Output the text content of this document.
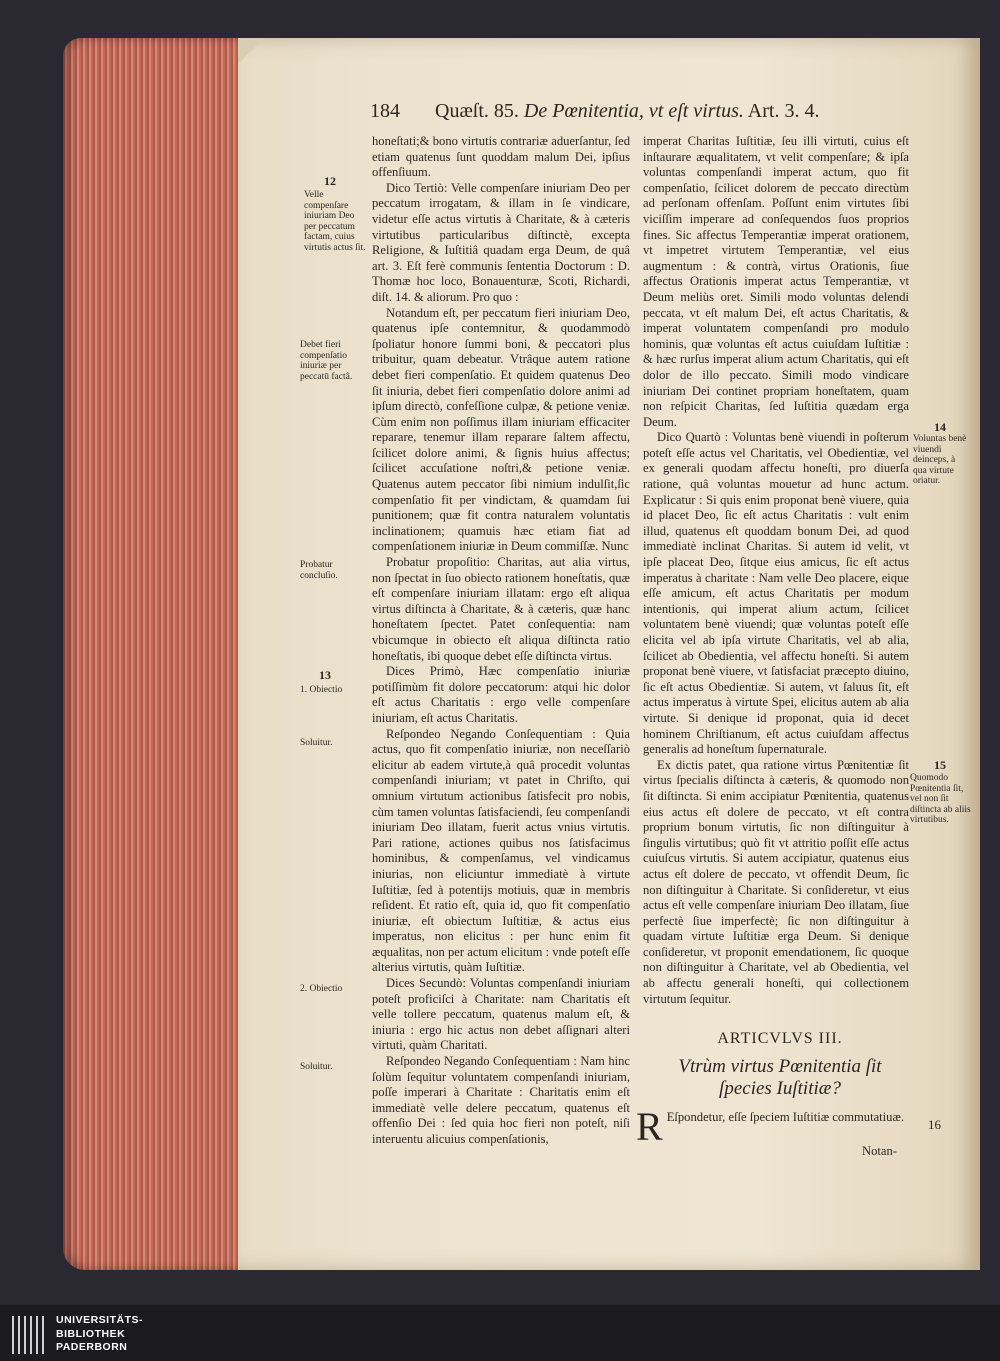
184 Quæſt. 85. De Pœnitentia, vt eſt virtus. Art. 3. 4.

honeſtati;& bono virtutis contrariæ aduerſantur, ſed etiam quatenus ſunt quoddam malum Dei, ipſius offenſiuum.

Dico Tertiò: Velle compenſare iniuriam Deo per peccatum irrogatam, & illam in ſe vindicare, videtur eſſe actus virtutis à Charitate, & à cæteris virtutibus particularibus diſtinctè, excepta Religione, & Iuſtitiâ quadam erga Deum, de quâ art. 3. Eſt ferè communis ſententia Doctorum : D. Thomæ hoc loco, Bonauenturæ, Scoti, Richardi, diſt. 14. & aliorum. Pro quo :

Notandum eſt, per peccatum fieri iniuriam Deo, quatenus ipſe contemnitur, & quodammodò ſpoliatur honore ſummi boni, & peccatori plus tribuitur, quam debeatur. Vtrâque autem ratione debet fieri compenſatio. Et quidem quatenus Deo ſit iniuria, debet fieri compenſatio dolore animi ad ipſum directò, confeſſione culpæ, & petione veniæ. Cùm enim non poſſimus illam iniuriam efficaciter reparare, tenemur illam reparare ſaltem affectu, ſcilicet dolore animi, & ſignis huius affectus; ſcilicet accuſatione noſtri,& petione veniæ. Quatenus autem peccator ſibi nimium indulſit,ſic compenſatio fit per vindictam, & quamdam ſui punitionem; quæ fit contra naturalem voluntatis inclinationem; quamuis hæc etiam fiat ad compenſationem iniuriæ in Deum commiſſæ. Nunc

Probatur propoſitio: Charitas, aut alia virtus, non ſpectat in ſuo obiecto rationem honeſtatis, quæ eſt compenſare iniuriam illatam: ergo eſt aliqua virtus diſtincta à Charitate, & à cæteris, quæ hanc honeſtatem ſpectet. Patet conſequentia: nam vbicumque in obiecto eſt aliqua diſtincta ratio honeſtatis, ibi quoque debet eſſe diſtincta virtus.

Dices Primò, Hæc compenſatio iniuriæ potiſſimùm fit dolore peccatorum: atqui hic dolor eſt actus Charitatis : ergo velle compenſare iniuriam, eſt actus Charitatis.

Reſpondeo Negando Conſequentiam : Quia actus, quo fit compenſatio iniuriæ, non neceſſariò elicitur ab eadem virtute,à quâ procedit voluntas compenſandi iniuriam; vt patet in Chriſto, qui omnium virtutum actionibus ſatisfecit pro nobis, cùm tamen voluntas ſatisfaciendi, ſeu compenſandi iniuriam Deo illatam, fuerit actus vnius virtutis. Pari ratione, actiones quibus nos ſatisfacimus hominibus, & compenſamus, vel vindicamus iniurias, non eliciuntur immediatè à virtute Iuſtitiæ, ſed à potentijs motiuis, quæ in membris reſident. Et ratio eſt, quia id, quo fit compenſatio iniuriæ, eſt obiectum Iuſtitiæ, & actus eius imperatus, non elicitus : per hunc enim fit æqualitas, non per actum elicitum : vnde poteſt eſſe alterius virtutis, quàm Iuſtitiæ.

Dices Secundò: Voluntas compenſandi iniuriam poteſt proficiſci à Charitate: nam Charitatis eſt velle tollere peccatum, quatenus malum eſt, & iniuria : ergo hic actus non debet aſſignari alteri virtuti, quàm Charitati.

Reſpondeo Negando Conſequentiam : Nam hinc ſolùm ſequitur voluntatem compenſandi iniuriam, poſſe imperari à Charitate : Charitatis enim eſt immediatè velle delere peccatum, quatenus eſt offenſio Dei : ſed quia hoc fieri non poteſt, niſi interuentu alicuius compenſationis,

imperat Charitas Iuſtitiæ, ſeu illi virtuti, cuius eſt inſtaurare æqualitatem, vt velit compenſare; & ipſa voluntas compenſandi imperat actum, quo fit compenſatio, ſcilicet dolorem de peccato directùm ad perſonam offenſam. Poſſunt enim virtutes ſibi viciſſim imperare ad conſequendos ſuos proprios fines. Sic affectus Temperantiæ imperat orationem, vt impetret virtutem Temperantiæ, vel eius augmentum : & contrà, virtus Orationis, ſiue affectus Orationis imperat actus Temperantiæ, vt Deum meliùs oret. Simili modo voluntas delendi peccata, vt eſt malum Dei, eſt actus Charitatis, & imperat voluntatem compenſandi pro modulo hominis, quæ voluntas eſt actus cuiuſdam Iuſtitiæ : & hæc rurſus imperat alium actum Charitatis, qui eſt dolor de illo peccato. Simili modo vindicare iniuriam Dei continet propriam honeſtatem, quam non reſpicit Charitas, ſed Iuſtitia quædam erga Deum.

Dico Quartò : Voluntas benè viuendi in poſterum poteſt eſſe actus vel Charitatis, vel Obedientiæ, vel ex generali quodam affectu honeſti, pro diuerſa ratione, quâ voluntas mouetur ad hunc actum. Explicatur : Si quis enim proponat benè viuere, quia id placet Deo, ſic eſt actus Charitatis : vult enim illud, quatenus eſt quoddam bonum Dei, ad quod immediatè inclinat Charitas. Si autem id velit, vt ipſe placeat Deo, ſitque eius amicus, ſic eſt actus imperatus à charitate : Nam velle Deo placere, eique eſſe amicum, eſt actus Charitatis per modum intentionis, qui imperat alium actum, ſcilicet voluntatem benè viuendi; quæ voluntas poteſt eſſe elicita vel ab ipſa virtute Charitatis, vel ab alia, ſcilicet ab Obedientia, vel affectu honeſti. Si autem proponat benè viuere, vt ſatisfaciat præcepto diuino, ſic eſt actus Obedientiæ. Si autem, vt ſaluus ſit, eſt actus imperatus à virtute Spei, elicitus autem ab alia virtute. Si denique id proponat, quia id decet hominem Chriſtianum, eſt actus cuiuſdam affectus generalis ad honeſtum ſupernaturale.

Ex dictis patet, qua ratione virtus Pœnitentiæ ſit virtus ſpecialis diſtincta à cæteris, & quomodo non ſit diſtincta. Si enim accipiatur Pœnitentia, quatenus eius actus eſt dolere de peccato, vt eſt contra proprium bonum virtutis, ſic non diſtinguitur à ſingulis virtutibus; quò fit vt attritio poſſit eſſe actus cuiuſcus virtutis. Si autem accipiatur, quatenus eius actus eſt dolere de peccato, vt offendit Deum, ſic non diſtinguitur à Charitate. Si conſideretur, vt eius actus eſt velle compenſare iniuriam Deo illatam, ſiue perfectè ſiue imperfectè; ſic non diſtinguitur à quadam virtute Iuſtitiæ erga Deum. Si denique conſideretur, vt proponit emendationem, ſic quoque non diſtinguitur à Charitate, vel ab Obedientia, vel ab affectu generali honeſti, qui collectionem virtutum ſequitur.

12
Velle compenſare iniuriam Deo per peccatum factam, cuius virtutis actus ſit.
Debet fieri compenſatio iniuriæ per peccatū factâ.
Probatur concluſio.
13
1. Obiectio
Soluitur.
2. Obiectio
Soluitur.
14
Voluntas benè viuendi deinceps, à qua virtute oriatur.
15
Quomodo Pœnitentia ſit, vel non ſit diſtincta ab aliis virtutibus.
ARTICVLVS III.
Vtrùm virtus Pœnitentia ſit ſpecies Iuſtitiæ?
R Eſpondetur, eſſe ſpeciem Iuſtitiæ commutatiuæ.	16
Notan-
UNIVERSITÄTS-
BIBLIOTHEK
PADERBORN
